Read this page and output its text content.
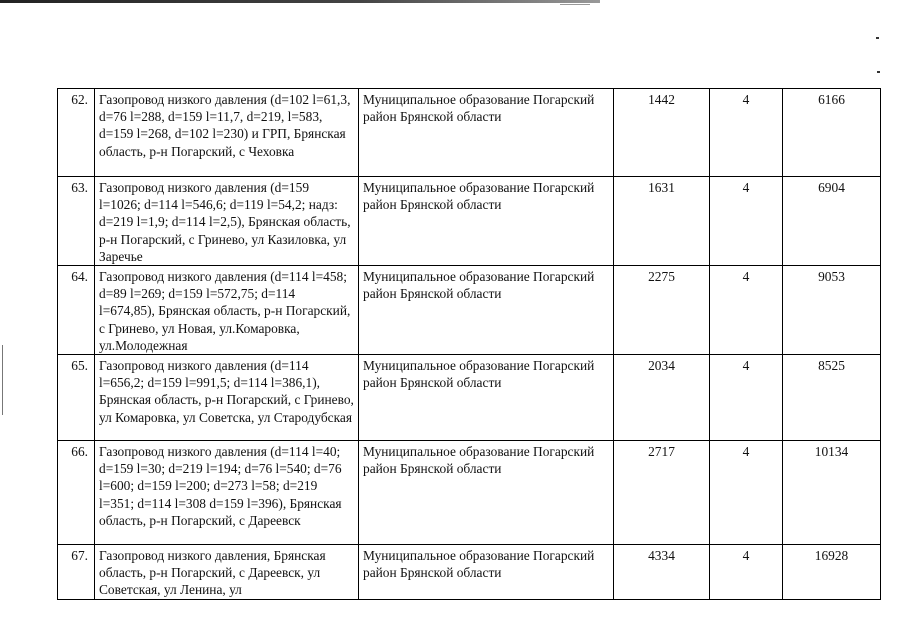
62.	Газопровод низкого давления (d=102 l=61,3, d=76 l=288, d=159 l=11,7, d=219, l=583, d=159 l=268, d=102 l=230) и ГРП, Брянская область, р-н Погарский, с Чеховка	Муниципальное образование Погарский район Брянской области	1442	4	6166
63.	Газопровод низкого давления (d=159 l=1026; d=114 l=546,6; d=119 l=54,2; надз: d=219 l=1,9; d=114 l=2,5), Брянская область, р-н Погарский, с Гринево, ул Казиловка, ул Заречье	Муниципальное образование Погарский район Брянской области	1631	4	6904
64.	Газопровод низкого давления (d=114 l=458; d=89 l=269; d=159 l=572,75; d=114 l=674,85), Брянская область, р-н Погарский, с Гринево, ул Новая, ул.Комаровка, ул.Молодежная	Муниципальное образование Погарский район Брянской области	2275	4	9053
65.	Газопровод низкого давления (d=114 l=656,2; d=159 l=991,5; d=114 l=386,1), Брянская область, р-н Погарский, с Гринево, ул Комаровка, ул Советска, ул Стародубская	Муниципальное образование Погарский район Брянской области	2034	4	8525
66.	Газопровод низкого давления (d=114 l=40; d=159 l=30; d=219 l=194; d=76 l=540; d=76 l=600; d=159 l=200; d=273 l=58; d=219 l=351; d=114 l=308 d=159 l=396), Брянская область, р-н Погарский, с Дареевск	Муниципальное образование Погарский район Брянской области	2717	4	10134
67.	Газопровод низкого давления, Брянская область, р-н Погарский, с Дареевск, ул Советская, ул Ленина, ул	Муниципальное образование Погарский район Брянской области	4334	4	16928
